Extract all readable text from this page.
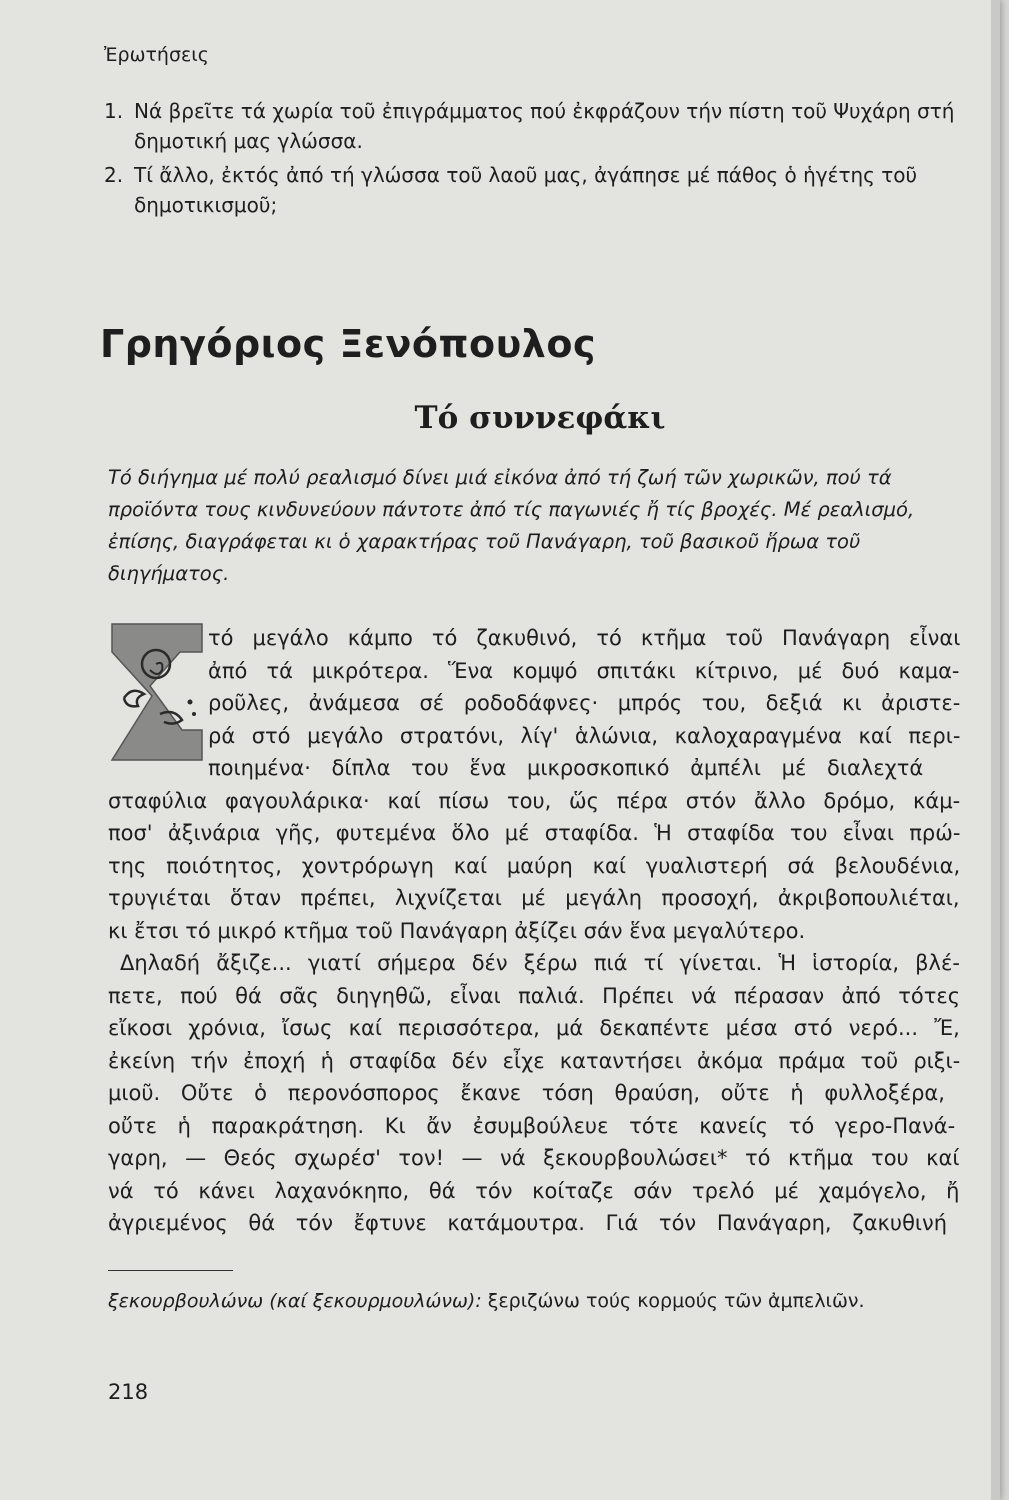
Ἐρωτήσεις
1. Νά βρεῖτε τά χωρία τοῦ ἐπιγράμματος πού ἐκφράζουν τήν πίστη τοῦ Ψυχάρη στή δημοτική μας γλώσσα.
2. Τί ἄλλο, ἐκτός ἀπό τή γλώσσα τοῦ λαοῦ μας, ἀγάπησε μέ πάθος ὁ ἡγέτης τοῦ δημοτικισμοῦ;
Γρηγόριος Ξενόπουλος
Τό συννεφάκι

Τό διήγημα μέ πολύ ρεαλισμό δίνει μιά εἰκόνα ἀπό τή ζωή τῶν χωρικῶν, πού τά προϊόντα τους κινδυνεύουν πάντοτε ἀπό τίς παγωνιές ἤ τίς βροχές. Μέ ρεαλισμό, ἐπίσης, διαγράφεται κι ὁ χαρακτήρας τοῦ Πανάγαρη, τοῦ βασικοῦ ἥρωα τοῦ διηγήματος.

Σ
τό μεγάλο κάμπο τό ζακυθινό, τό κτῆμα τοῦ Πανάγαρη εἶναι
ἀπό τά μικρότερα. Ἕνα κομψό σπιτάκι κίτρινο, μέ δυό καμα-
ροῦλες, ἀνάμεσα σέ ροδοδάφνες· μπρός του, δεξιά κι ἀριστε-
ρά στό μεγάλο στρατόνι, λίγ' ἁλώνια, καλοχαραγμένα καί περι-
ποιημένα· δίπλα του ἕνα μικροσκοπικό ἀμπέλι μέ διαλεχτά
σταφύλια φαγουλάρικα· καί πίσω του, ὥς πέρα στόν ἄλλο δρόμο, κάμ-
ποσ' ἀξινάρια γῆς, φυτεμένα ὅλο μέ σταφίδα. Ἡ σταφίδα του εἶναι πρώ-
της ποιότητος, χοντρόρωγη καί μαύρη καί γυαλιστερή σά βελουδένια,
τρυγιέται ὅταν πρέπει, λιχνίζεται μέ μεγάλη προσοχή, ἀκριβοπουλιέται,
κι ἔτσι τό μικρό κτῆμα τοῦ Πανάγαρη ἀξίζει σάν ἕνα μεγαλύτερο.
Δηλαδή ἄξιζε... γιατί σήμερα δέν ξέρω πιά τί γίνεται. Ἡ ἱστορία, βλέ-
πετε, πού θά σᾶς διηγηθῶ, εἶναι παλιά. Πρέπει νά πέρασαν ἀπό τότες
εἴκοσι χρόνια, ἴσως καί περισσότερα, μά δεκαπέντε μέσα στό νερό... Ἔ,
ἐκείνη τήν ἐποχή ἡ σταφίδα δέν εἶχε καταντήσει ἀκόμα πράμα τοῦ ριξι-
μιοῦ. Οὔτε ὁ περονόσπορος ἔκανε τόση θραύση, οὔτε ἡ φυλλοξέρα,
οὔτε ἡ παρακράτηση. Κι ἄν ἐσυμβούλευε τότε κανείς τό γερο-Πανά-
γαρη, — Θεός σχωρέσ' τον! — νά ξεκουρβουλώσει* τό κτῆμα του καί
νά τό κάνει λαχανόκηπο, θά τόν κοίταζε σάν τρελό μέ χαμόγελο, ἤ
ἀγριεμένος θά τόν ἔφτυνε κατάμουτρα. Γιά τόν Πανάγαρη, ζακυθινή
ξεκουρβουλώνω (καί ξεκουρμουλώνω): ξεριζώνω τούς κορμούς τῶν ἀμπελιῶν.
218
